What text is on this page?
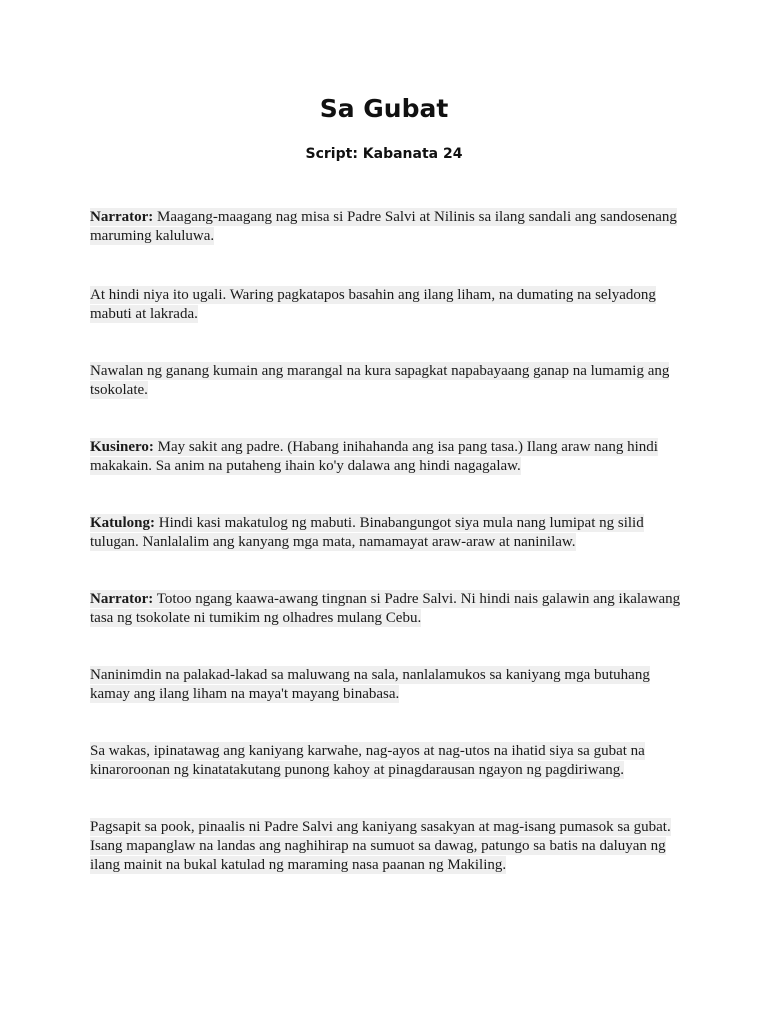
Sa Gubat
Script: Kabanata 24

Narrator: Maagang-maagang nag misa si Padre Salvi at Nilinis sa ilang sandali ang sandosenang maruming kaluluwa.

At hindi niya ito ugali. Waring pagkatapos basahin ang ilang liham, na dumating na selyadong mabuti at lakrada.

Nawalan ng ganang kumain ang marangal na kura sapagkat napabayaang ganap na lumamig ang tsokolate.

Kusinero: May sakit ang padre. (Habang inihahanda ang isa pang tasa.) Ilang araw nang hindi makakain. Sa anim na putaheng ihain ko'y dalawa ang hindi nagagalaw.

Katulong: Hindi kasi makatulog ng mabuti. Binabangungot siya mula nang lumipat ng silid tulugan. Nanlalalim ang kanyang mga mata, namamayat araw-araw at naninilaw.

Narrator: Totoo ngang kaawa-awang tingnan si Padre Salvi. Ni hindi nais galawin ang ikalawang tasa ng tsokolate ni tumikim ng olhadres mulang Cebu.

Naninimdin na palakad-lakad sa maluwang na sala, nanlalamukos sa kaniyang mga butuhang kamay ang ilang liham na maya't mayang binabasa.

Sa wakas, ipinatawag ang kaniyang karwahe, nag-ayos at nag-utos na ihatid siya sa gubat na kinaroroonan ng kinatatakutang punong kahoy at pinagdarausan ngayon ng pagdiriwang.

Pagsapit sa pook, pinaalis ni Padre Salvi ang kaniyang sasakyan at mag-isang pumasok sa gubat. Isang mapanglaw na landas ang naghihirap na sumuot sa dawag, patungo sa batis na daluyan ng ilang mainit na bukal katulad ng maraming nasa paanan ng Makiling.
